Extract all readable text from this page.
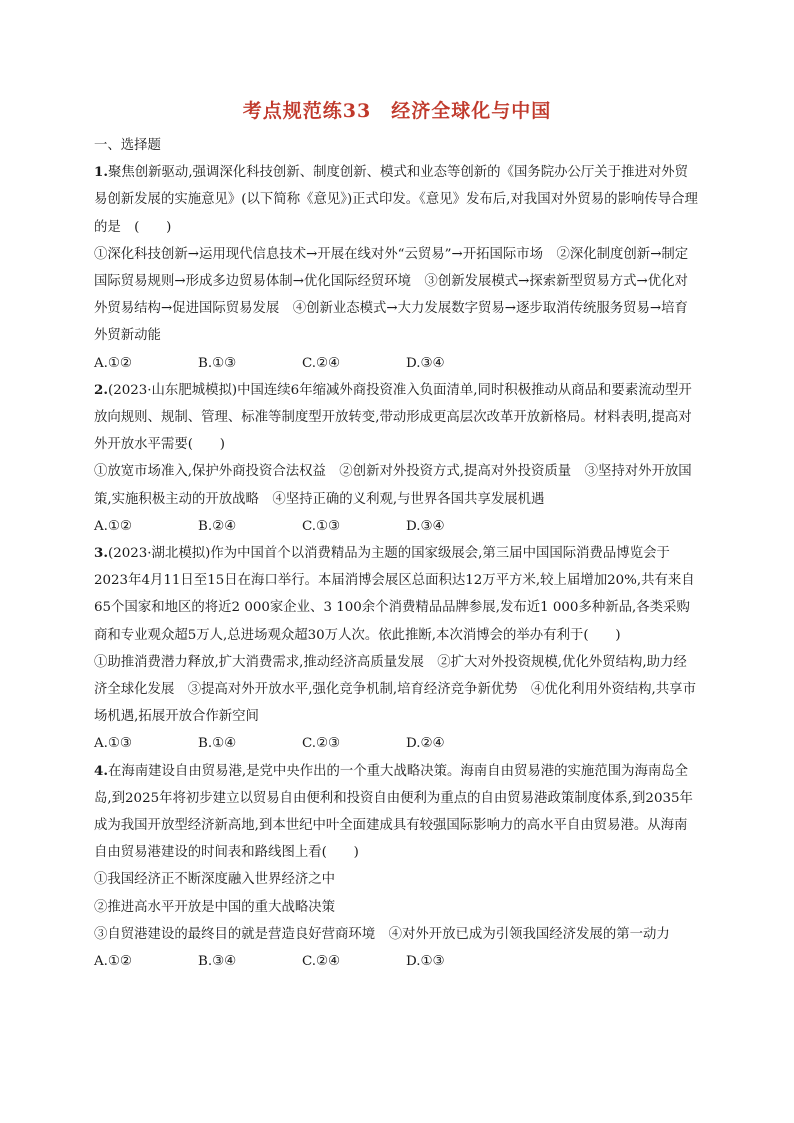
考点规范练33　经济全球化与中国

一、选择题

1.聚焦创新驱动,强调深化科技创新、制度创新、模式和业态等创新的《国务院办公厅关于推进对外贸易创新发展的实施意见》(以下简称《意见》)正式印发。《意见》发布后,对我国对外贸易的影响传导合理的是　(　　)
①深化科技创新→运用现代信息技术→开展在线对外“云贸易”→开拓国际市场　②深化制度创新→制定国际贸易规则→形成多边贸易体制→优化国际经贸环境　③创新发展模式→探索新型贸易方式→优化对外贸易结构→促进国际贸易发展　④创新业态模式→大力发展数字贸易→逐步取消传统服务贸易→培育外贸新动能
A.①②	B.①③	C.②④	D.③④
2.(2023·山东肥城模拟)中国连续6年缩减外商投资准入负面清单,同时积极推动从商品和要素流动型开放向规则、规制、管理、标准等制度型开放转变,带动形成更高层次改革开放新格局。材料表明,提高对外开放水平需要(　　)
①放宽市场准入,保护外商投资合法权益　②创新对外投资方式,提高对外投资质量　③坚持对外开放国策,实施积极主动的开放战略　④坚持正确的义利观,与世界各国共享发展机遇
A.①②	B.②④	C.①③	D.③④
3.(2023·湖北模拟)作为中国首个以消费精品为主题的国家级展会,第三届中国国际消费品博览会于2023年4月11日至15日在海口举行。本届消博会展区总面积达12万平方米,较上届增加20%,共有来自65个国家和地区的将近2 000家企业、3 100余个消费精品品牌参展,发布近1 000多种新品,各类采购商和专业观众超5万人,总进场观众超30万人次。依此推断,本次消博会的举办有利于(　　)
①助推消费潜力释放,扩大消费需求,推动经济高质量发展　②扩大对外投资规模,优化外贸结构,助力经济全球化发展　③提高对外开放水平,强化竞争机制,培育经济竞争新优势　④优化利用外资结构,共享市场机遇,拓展开放合作新空间
A.①③	B.①④	C.②③	D.②④
4.在海南建设自由贸易港,是党中央作出的一个重大战略决策。海南自由贸易港的实施范围为海南岛全岛,到2025年将初步建立以贸易自由便利和投资自由便利为重点的自由贸易港政策制度体系,到2035年成为我国开放型经济新高地,到本世纪中叶全面建成具有较强国际影响力的高水平自由贸易港。从海南自由贸易港建设的时间表和路线图上看(　　)
①我国经济正不断深度融入世界经济之中
②推进高水平开放是中国的重大战略决策
③自贸港建设的最终目的就是营造良好营商环境　④对外开放已成为引领我国经济发展的第一动力
A.①②	B.③④	C.②④	D.①③
